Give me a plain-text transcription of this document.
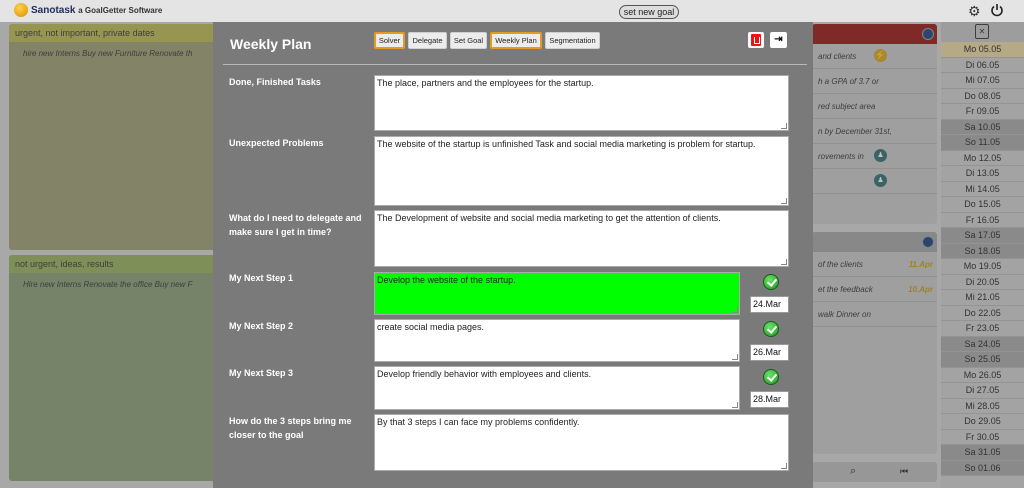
Sanotask a GoalGetter Software	set new goal	⚙
urgent, not important, private dates
hire new Interns Buy new Furniture Renovate th
not urgent, ideas, results
Hire new Interns Renovate the office Buy new F
and clients ⚡
h a GPA of 3.7 or
red subject area
n by December 31st,
rovements in	♟
♟
of the clients	11.Apr
et the feedback	10.Apr
walk Dinner on
⌕	⏮
✕
Mo 05.05
Di 06.05
Mi 07.05
Do 08.05
Fr 09.05
Sa 10.05
So 11.05
Mo 12.05
Di 13.05
Mi 14.05
Do 15.05
Fr 16.05
Sa 17.05
So 18.05
Mo 19.05
Di 20.05
Mi 21.05
Do 22.05
Fr 23.05
Sa 24.05
So 25.05
Mo 26.05
Di 27.05
Mi 28.05
Do 29.05
Fr 30.05
Sa 31.05
So 01.06
Weekly Plan	Solver	Delegate	Set Goal	Weekly Plan	Segmentation	⇥
Done, Finished Tasks	The place, partners and the employees for the startup.
Unexpected Problems	The website of the startup is unfinished Task and social media marketing is problem for startup.
What do I need to delegate and make sure I get in time?
The Development of website and social media marketing to get the attention of clients.
My Next Step 1	Develop the website of the startup.
24.Mar
My Next Step 2	create social media pages.
26.Mar
My Next Step 3	Develop friendly behavior with employees and clients.
28.Mar
How do the 3 steps bring me closer to the goal
By that 3 steps I can face my problems confidently.
